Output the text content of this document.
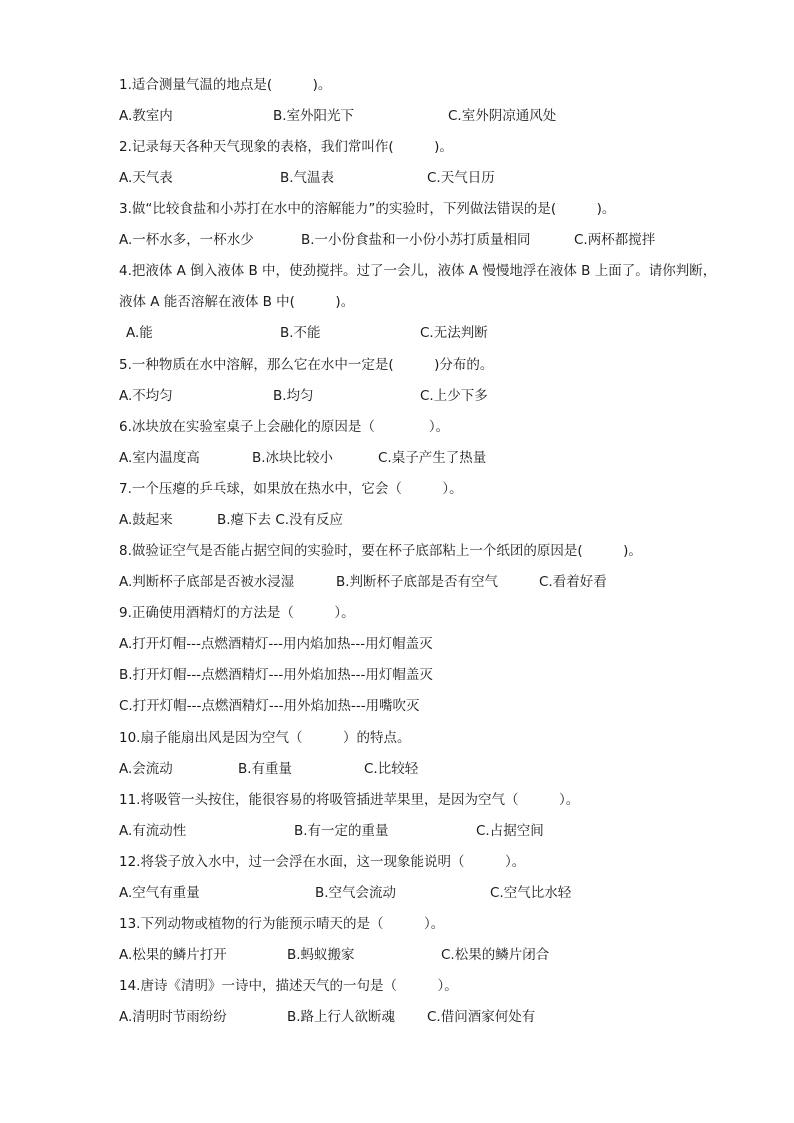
1.适合测量气温的地点是(　　　)。
A.教室内	B.室外阳光下	C.室外阴凉通风处
2.记录每天各种天气现象的表格，我们常叫作(　　　)。
A.天气表	B.气温表	C.天气日历
3.做“比较食盐和小苏打在水中的溶解能力”的实验时，下列做法错误的是(　　　)。
A.一杯水多，一杯水少	B.一小份食盐和一小份小苏打质量相同	C.两杯都搅拌
4.把液体 A 倒入液体 B 中，使劲搅拌。过了一会儿，液体 A 慢慢地浮在液体 B 上面了。请你判断，
液体 A 能否溶解在液体 B 中(　　　)。
A.能	B.不能	C.无法判断
5.一种物质在水中溶解，那么它在水中一定是(　　　)分布的。
A.不均匀	B.均匀	C.上少下多
6.冰块放在实验室桌子上会融化的原因是（　　　　）。
A.室内温度高	B.冰块比较小	C.桌子产生了热量
7.一个压瘪的乒乓球，如果放在热水中，它会（　　　）。
A.鼓起来	B.瘪下去 C.没有反应
8.做验证空气是否能占据空间的实验时，要在杯子底部粘上一个纸团的原因是(　　　)。
A.判断杯子底部是否被水浸湿	B.判断杯子底部是否有空气	C.看着好看
9.正确使用酒精灯的方法是（　　　）。
A.打开灯帽---点燃酒精灯---用内焰加热---用灯帽盖灭
B.打开灯帽---点燃酒精灯---用外焰加热---用灯帽盖灭
C.打开灯帽---点燃酒精灯---用外焰加热---用嘴吹灭
10.扇子能扇出风是因为空气（　　　）的特点。
A.会流动	B.有重量	C.比较轻
11.将吸管一头按住，能很容易的将吸管插进苹果里，是因为空气（　　　）。
A.有流动性	B.有一定的重量	C.占据空间
12.将袋子放入水中，过一会浮在水面，这一现象能说明（　　　）。
A.空气有重量	B.空气会流动	C.空气比水轻
13.下列动物或植物的行为能预示晴天的是（　　　）。
A.松果的鳞片打开	B.蚂蚁搬家	C.松果的鳞片闭合
14.唐诗《清明》一诗中，描述天气的一句是（　　　）。
A.清明时节雨纷纷	B.路上行人欲断魂 C.借问酒家何处有
